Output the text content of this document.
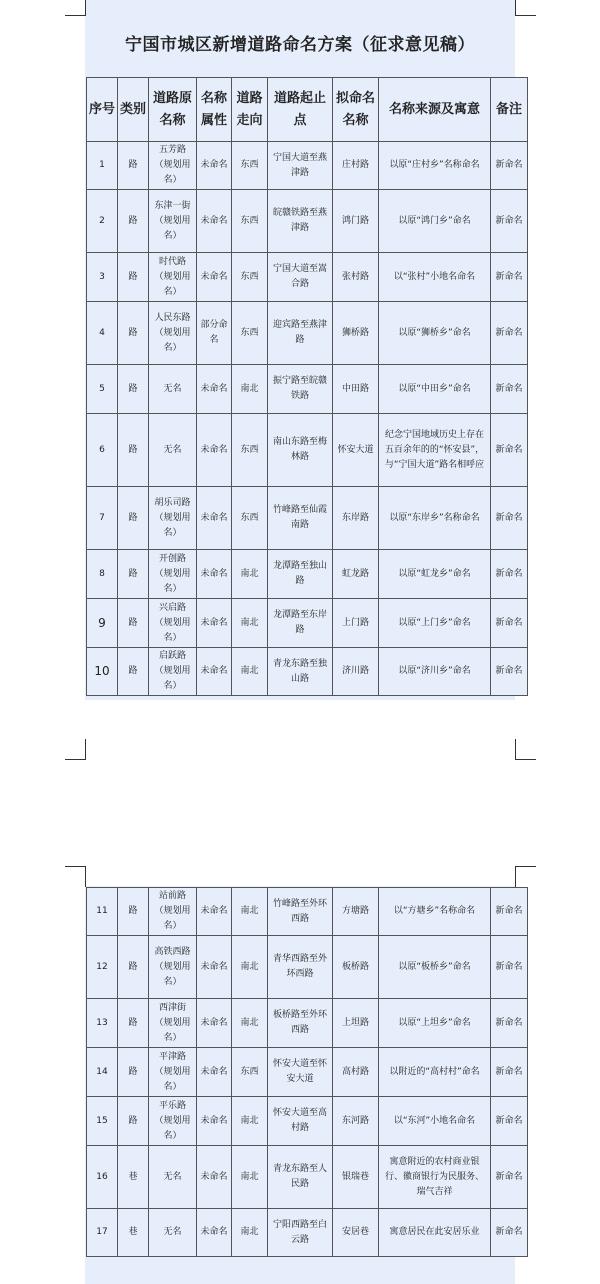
宁国市城区新增道路命名方案（征求意见稿）
序号	类别	道路原名称	名称属性	道路走向	道路起止点	拟命名名称	名称来源及寓意	备注
1	路	五芳路（规划用名）	未命名	东西	宁国大道至燕津路	庄村路	以原“庄村乡”名称命名	新命名
2	路	东津一街（规划用名）	未命名	东西	皖赣铁路至燕津路	鸿门路	以原“鸿门乡”命名	新命名
3	路	时代路（规划用名）	未命名	东西	宁国大道至嵩合路	张村路	以“张村”小地名命名	新命名
4	路	人民东路（规划用名）	部分命名	东西	迎宾路至燕津路	狮桥路	以原“狮桥乡”命名	新命名
5	路	无名	未命名	南北	振宁路至皖赣铁路	中田路	以原“中田乡”命名	新命名
6	路	无名	未命名	东西	南山东路至梅林路	怀安大道	纪念宁国地域历史上存在五百余年的的“怀安县”，与“宁国大道”路名相呼应	新命名
7	路	胡乐司路（规划用名）	未命名	东西	竹峰路至仙霞南路	东岸路	以原“东岸乡”名称命名	新命名
8	路	开创路（规划用名）	未命名	南北	龙潭路至独山路	虹龙路	以原“虹龙乡”命名	新命名
9	路	兴启路（规划用名）	未命名	南北	龙潭路至东岸路	上门路	以原“上门乡”命名	新命名
10	路	启跃路（规划用名）	未命名	南北	青龙东路至独山路	济川路	以原“济川乡”命名	新命名
11	路	站前路（规划用名）	未命名	南北	竹峰路至外环西路	方塘路	以“方塘乡”名称命名	新命名
12	路	高铁西路（规划用名）	未命名	南北	青华西路至外环西路	板桥路	以原“板桥乡”命名	新命名
13	路	西津街（规划用名）	未命名	南北	板桥路至外环西路	上坦路	以原“上坦乡”命名	新命名
14	路	平津路（规划用名）	未命名	东西	怀安大道至怀安大道	高村路	以附近的“高村村”命名	新命名
15	路	平乐路（规划用名）	未命名	南北	怀安大道至高村路	东河路	以“东河”小地名命名	新命名
16	巷	无名	未命名	南北	青龙东路至人民路	银瑞巷	寓意附近的农村商业银行、徽商银行为民服务、瑞气吉祥	新命名
17	巷	无名	未命名	南北	宁阳西路至白云路	安居巷	寓意居民在此安居乐业	新命名
